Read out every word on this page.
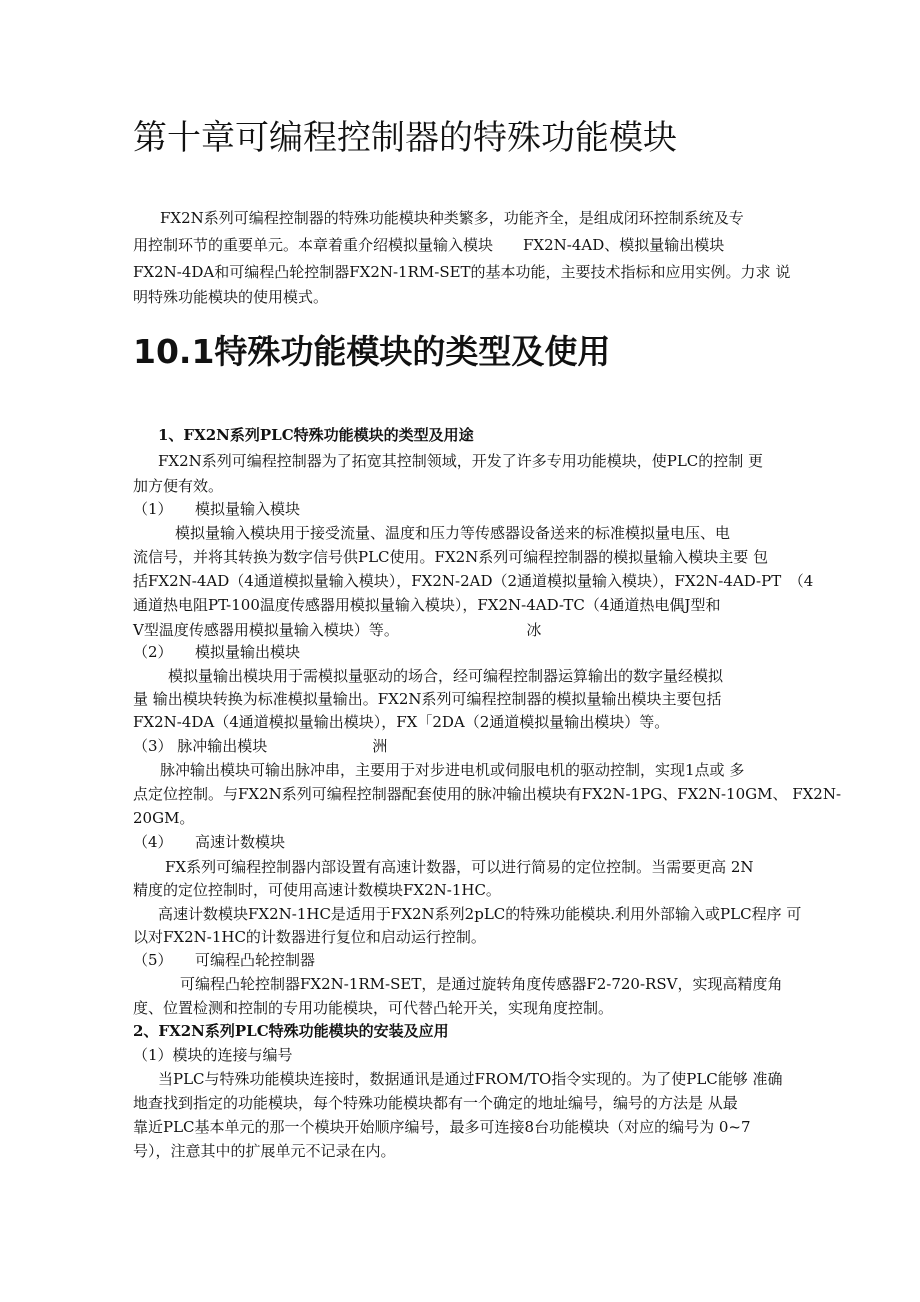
第十章可编程控制器的特殊功能模块
FX2N系列可编程控制器的特殊功能模块种类繁多，功能齐全，是组成闭环控制系统及专
用控制环节的重要单元。本章着重介绍模拟量输入模块　　FX2N-4AD、模拟量输出模块
FX2N-4DA和可编程凸轮控制器FX2N-1RM-SET的基本功能，主要技术指标和应用实例。力求 说
明特殊功能模块的使用模式。
10.1特殊功能模块的类型及使用
1、FX2N系列PLC特殊功能模块的类型及用途
FX2N系列可编程控制器为了拓宽其控制领域，开发了许多专用功能模块，使PLC的控制 更
加方便有效。
（1）　　模拟量输入模块
模拟量输入模块用于接受流量、温度和压力等传感器设备送来的标准模拟量电压、电
流信号，并将其转换为数字信号供PLC使用。FX2N系列可编程控制器的模拟量输入模块主要 包
括FX2N-4AD（4通道模拟量输入模块），FX2N-2AD（2通道模拟量输入模块），FX2N-4AD-PT　（4
通道热电阻PT-100温度传感器用模拟量输入模块），FX2N-4AD-TC（4通道热电偶J型和
V型温度传感器用模拟量输入模块）等。　　　　　　　　　冰
（2）　　模拟量输出模块
模拟量输出模块用于需模拟量驱动的场合，经可编程控制器运算输出的数字量经模拟
量 输出模块转换为标准模拟量输出。FX2N系列可编程控制器的模拟量输出模块主要包括
FX2N-4DA（4通道模拟量输出模块），FX「2DA（2通道模拟量输出模块）等。
（3） 脉冲输出模块　　　　　　　洲
脉冲输出模块可输出脉冲串，主要用于对步进电机或伺服电机的驱动控制，实现1点或 多
点定位控制。与FX2N系列可编程控制器配套使用的脉冲输出模块有FX2N-1PG、FX2N-10GM、 FX2N-
20GM。
（4）　　高速计数模块
FX系列可编程控制器内部设置有高速计数器，可以进行简易的定位控制。当需要更高 2N
精度的定位控制时，可使用高速计数模块FX2N-1HC。
高速计数模块FX2N-1HC是适用于FX2N系列2pLC的特殊功能模块.利用外部输入或PLC程序 可
以对FX2N-1HC的计数器进行复位和启动运行控制。
（5）　　可编程凸轮控制器
可编程凸轮控制器FX2N-1RM-SET，是通过旋转角度传感器F2-720-RSV，实现高精度角
度、位置检测和控制的专用功能模块，可代替凸轮开关，实现角度控制。
2、FX2N系列PLC特殊功能模块的安装及应用
（1）模块的连接与编号
当PLC与特殊功能模块连接时，数据通讯是通过FROM/TO指令实现的。为了使PLC能够 准确
地查找到指定的功能模块，每个特殊功能模块都有一个确定的地址编号，编号的方法是 从最
靠近PLC基本单元的那一个模块开始顺序编号，最多可连接8台功能模块（对应的编号为 0~7
号），注意其中的扩展单元不记录在内。
